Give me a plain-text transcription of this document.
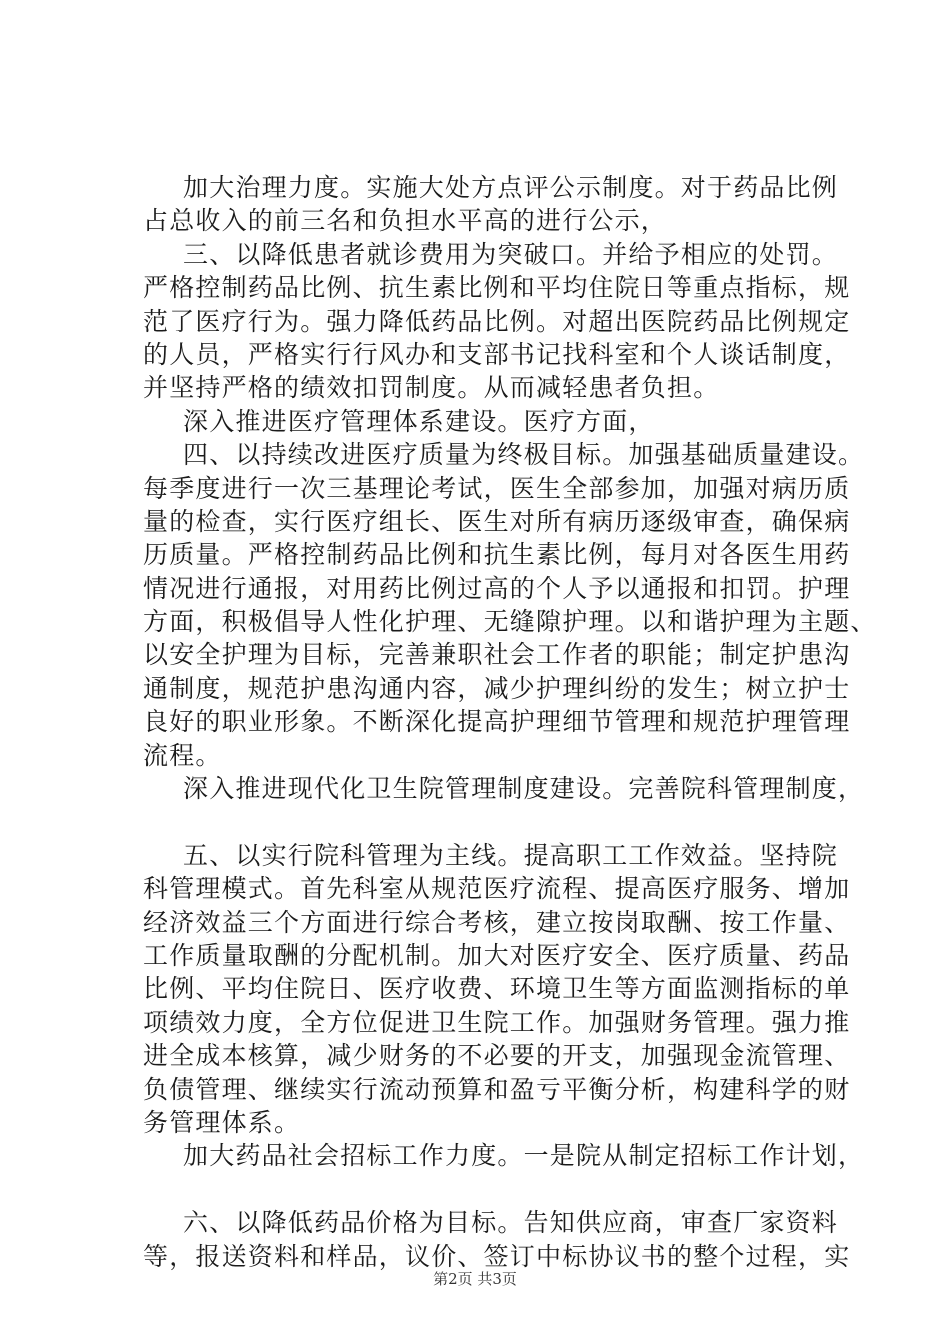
加大治理力度。实施大处方点评公示制度。对于药品比例
占总收入的前三名和负担水平高的进行公示，
三、以降低患者就诊费用为突破口。并给予相应的处罚。
严格控制药品比例、抗生素比例和平均住院日等重点指标，规
范了医疗行为。强力降低药品比例。对超出医院药品比例规定
的人员，严格实行行风办和支部书记找科室和个人谈话制度，
并坚持严格的绩效扣罚制度。从而减轻患者负担。
深入推进医疗管理体系建设。医疗方面，
四、以持续改进医疗质量为终极目标。加强基础质量建设。
每季度进行一次三基理论考试，医生全部参加，加强对病历质
量的检查，实行医疗组长、医生对所有病历逐级审查，确保病
历质量。严格控制药品比例和抗生素比例，每月对各医生用药
情况进行通报，对用药比例过高的个人予以通报和扣罚。护理
方面，积极倡导人性化护理、无缝隙护理。以和谐护理为主题、
以安全护理为目标，完善兼职社会工作者的职能；制定护患沟
通制度，规范护患沟通内容，减少护理纠纷的发生；树立护士
良好的职业形象。不断深化提高护理细节管理和规范护理管理
流程。
深入推进现代化卫生院管理制度建设。完善院科管理制度，
五、以实行院科管理为主线。提高职工工作效益。坚持院
科管理模式。首先科室从规范医疗流程、提高医疗服务、增加
经济效益三个方面进行综合考核，建立按岗取酬、按工作量、
工作质量取酬的分配机制。加大对医疗安全、医疗质量、药品
比例、平均住院日、医疗收费、环境卫生等方面监测指标的单
项绩效力度，全方位促进卫生院工作。加强财务管理。强力推
进全成本核算，减少财务的不必要的开支，加强现金流管理、
负债管理、继续实行流动预算和盈亏平衡分析，构建科学的财
务管理体系。
加大药品社会招标工作力度。一是院从制定招标工作计划，
六、以降低药品价格为目标。告知供应商，审查厂家资料
等，报送资料和样品，议价、签订中标协议书的整个过程，实
第2页 共3页
